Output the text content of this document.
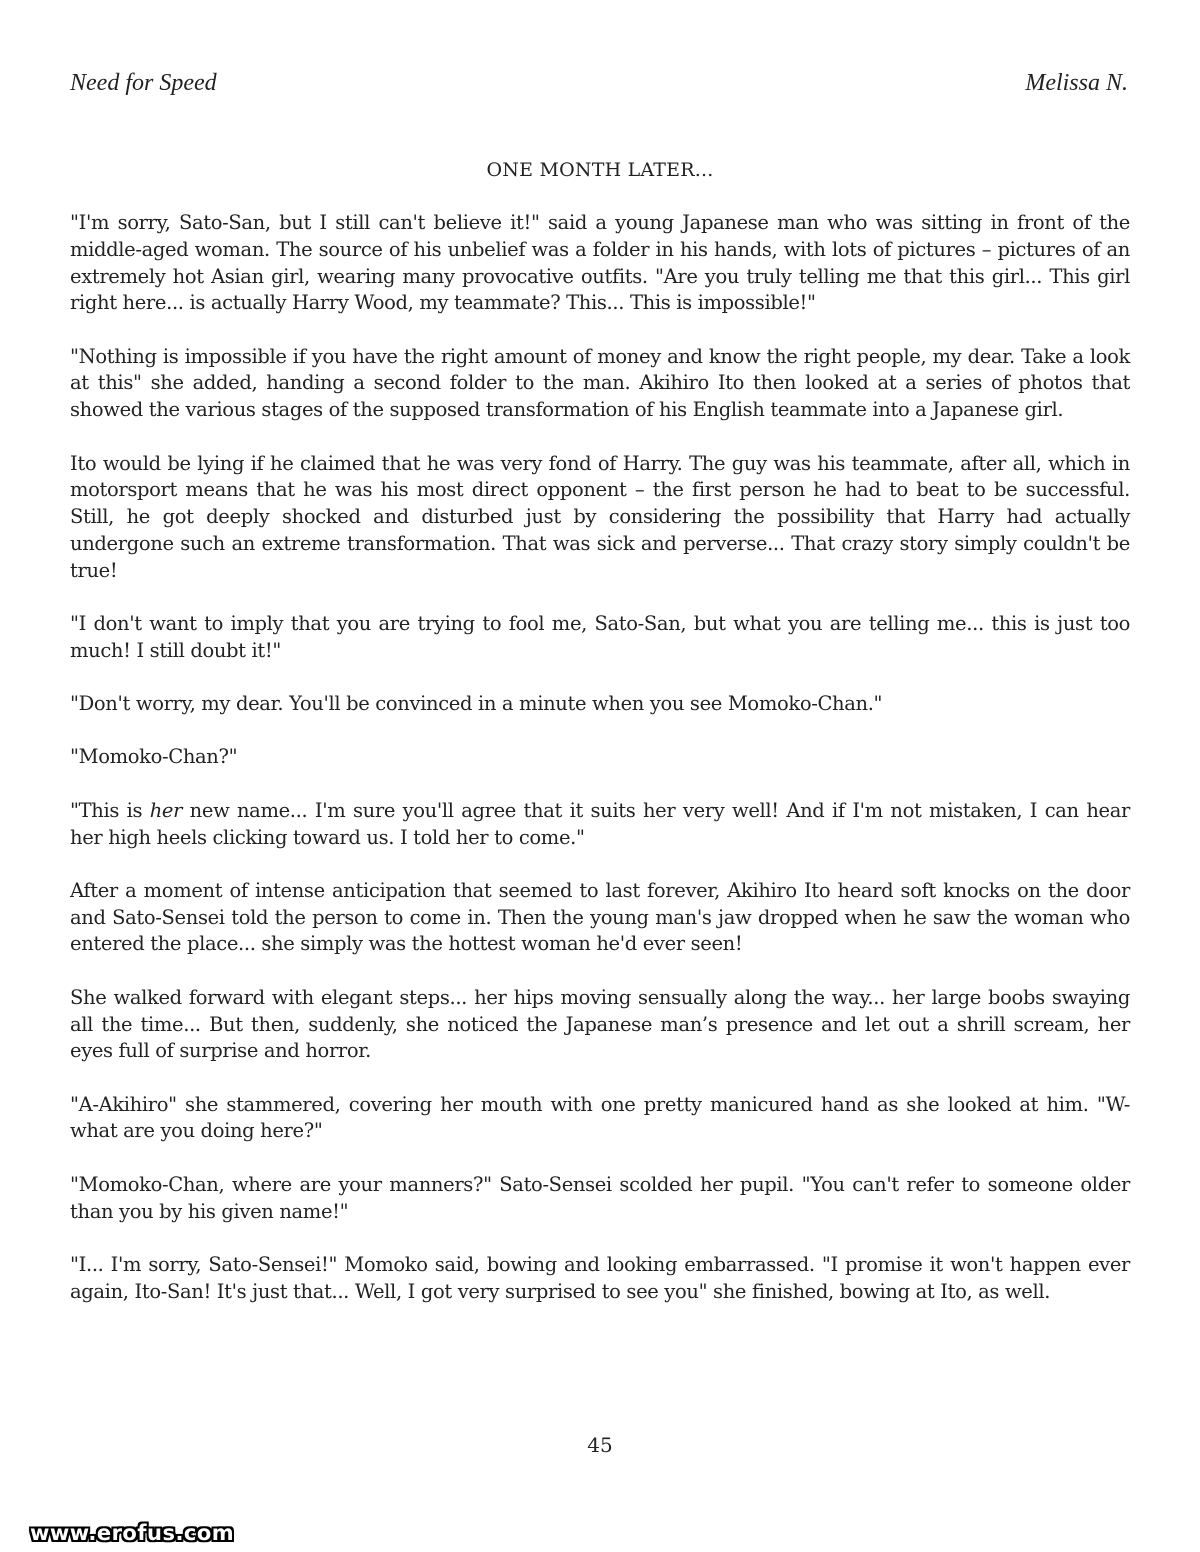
Need for Speed	Melissa N.
ONE MONTH LATER...

"I'm sorry, Sato-San, but I still can't believe it!" said a young Japanese man who was sitting in front of the middle-aged woman. The source of his unbelief was a folder in his hands, with lots of pictures – pictures of an extremely hot Asian girl, wearing many provocative outfits. "Are you truly telling me that this girl... This girl right here... is actually Harry Wood, my teammate? This... This is impossible!"

"Nothing is impossible if you have the right amount of money and know the right people, my dear. Take a look at this" she added, handing a second folder to the man. Akihiro Ito then looked at a series of photos that showed the various stages of the supposed transformation of his English teammate into a Japanese girl.

Ito would be lying if he claimed that he was very fond of Harry. The guy was his teammate, after all, which in motorsport means that he was his most direct opponent – the first person he had to beat to be successful. Still, he got deeply shocked and disturbed just by considering the possibility that Harry had actually undergone such an extreme transformation. That was sick and perverse... That crazy story simply couldn't be true!

"I don't want to imply that you are trying to fool me, Sato-San, but what you are telling me... this is just too much! I still doubt it!"

"Don't worry, my dear. You'll be convinced in a minute when you see Momoko-Chan."

"Momoko-Chan?"

"This is her new name... I'm sure you'll agree that it suits her very well! And if I'm not mistaken, I can hear her high heels clicking toward us. I told her to come."

After a moment of intense anticipation that seemed to last forever, Akihiro Ito heard soft knocks on the door and Sato-Sensei told the person to come in. Then the young man's jaw dropped when he saw the woman who entered the place... she simply was the hottest woman he'd ever seen!

She walked forward with elegant steps... her hips moving sensually along the way... her large boobs swaying all the time... But then, suddenly, she noticed the Japanese man’s presence and let out a shrill scream, her eyes full of surprise and horror.

"A-Akihiro" she stammered, covering her mouth with one pretty manicured hand as she looked at him. "W-what are you doing here?"

"Momoko-Chan, where are your manners?" Sato-Sensei scolded her pupil. "You can't refer to someone older than you by his given name!"

"I... I'm sorry, Sato-Sensei!" Momoko said, bowing and looking embarrassed. "I promise it won't happen ever again, Ito-San! It's just that... Well, I got very surprised to see you" she finished, bowing at Ito, as well.

45
www.erofus.com
